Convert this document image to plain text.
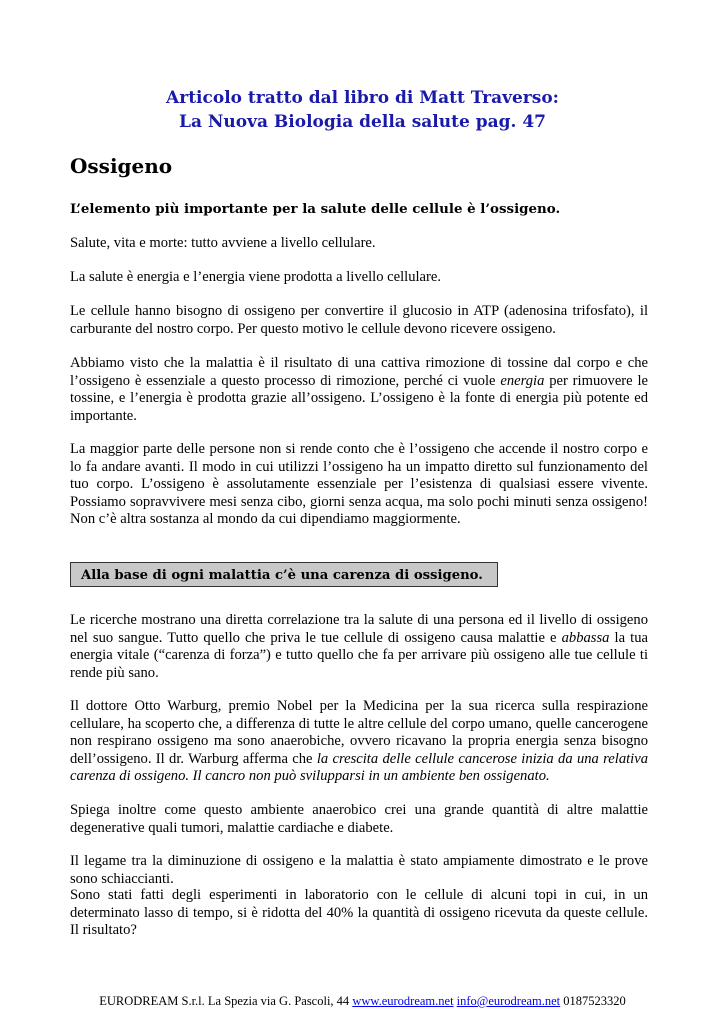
Articolo tratto dal libro di Matt Traverso:
La Nuova Biologia della salute pag. 47
Ossigeno

L’elemento più importante per la salute delle cellule è l’ossigeno.

Salute, vita e morte: tutto avviene a livello cellulare.

La salute è energia e l’energia viene prodotta a livello cellulare.

Le cellule hanno bisogno di ossigeno per convertire il glucosio in ATP (adenosina trifosfato), il carburante del nostro corpo. Per questo motivo le cellule devono ricevere ossigeno.

Abbiamo visto che la malattia è il risultato di una cattiva rimozione di tossine dal corpo e che l’ossigeno è essenziale a questo processo di rimozione, perché ci vuole energia per rimuovere le tossine, e l’energia è prodotta grazie all’ossigeno. L’ossigeno è la fonte di energia più potente ed importante.

La maggior parte delle persone non si rende conto che è l’ossigeno che accende il nostro corpo e lo fa andare avanti. Il modo in cui utilizzi l’ossigeno ha un impatto diretto sul funzionamento del tuo corpo. L’ossigeno è assolutamente essenziale per l’esistenza di qualsiasi essere vivente. Possiamo sopravvivere mesi senza cibo, giorni senza acqua, ma solo pochi minuti senza ossigeno! Non c’è altra sostanza al mondo da cui dipendiamo maggiormente.

Alla base di ogni malattia c’è una carenza di ossigeno.

Le ricerche mostrano una diretta correlazione tra la salute di una persona ed il livello di ossigeno nel suo sangue. Tutto quello che priva le tue cellule di ossigeno causa malattie e abbassa la tua energia vitale (“carenza di forza”) e tutto quello che fa per arrivare più ossigeno alle tue cellule ti rende più sano.

Il dottore Otto Warburg, premio Nobel per la Medicina per la sua ricerca sulla respirazione cellulare, ha scoperto che, a differenza di tutte le altre cellule del corpo umano, quelle cancerogene non respirano ossigeno ma sono anaerobiche, ovvero ricavano la propria energia senza bisogno dell’ossigeno. Il dr. Warburg afferma che la crescita delle cellule cancerose inizia da una relativa carenza di ossigeno. Il cancro non può svilupparsi in un ambiente ben ossigenato.

Spiega inoltre come questo ambiente anaerobico crei una grande quantità di altre malattie degenerative quali tumori, malattie cardiache e diabete.

Il legame tra la diminuzione di ossigeno e la malattia è stato ampiamente dimostrato e le prove sono schiaccianti.

Sono stati fatti degli esperimenti in laboratorio con le cellule di alcuni topi in cui, in un determinato lasso di tempo, si è ridotta del 40% la quantità di ossigeno ricevuta da queste cellule. Il risultato?

EURODREAM S.r.l. La Spezia via G. Pascoli, 44 www.eurodream.net info@eurodream.net 0187523320
